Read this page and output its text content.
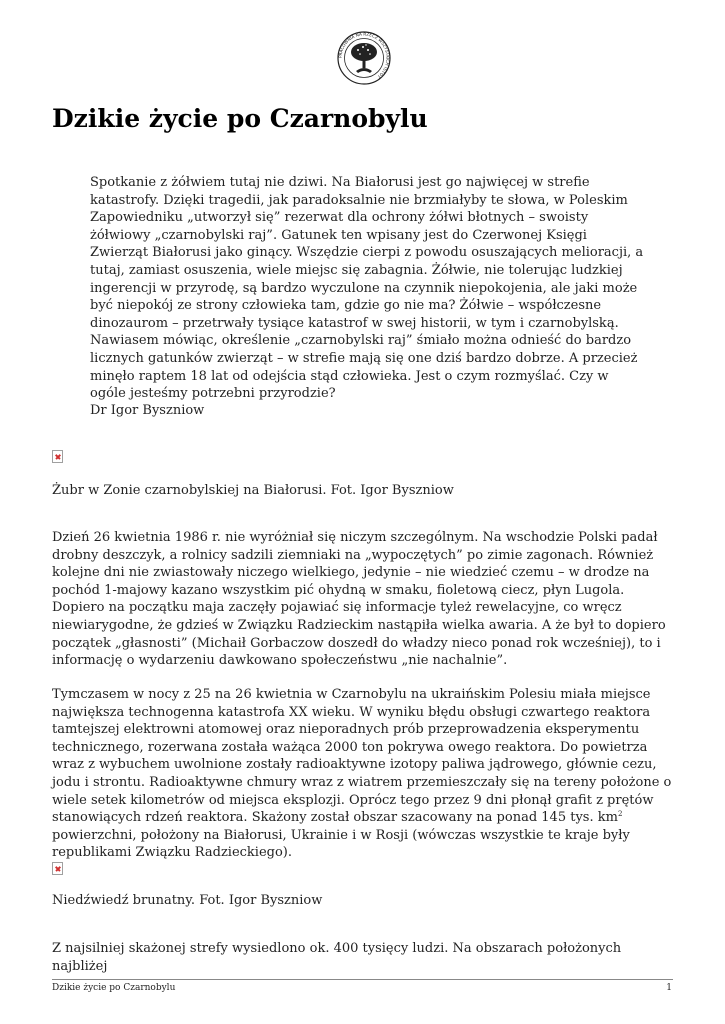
PRACOWNIA NA RZECZ WSZYSTKICH ISTOT
Dzikie życie po Czarnobylu

Spotkanie z żółwiem tutaj nie dziwi. Na Białorusi jest go najwięcej w strefie katastrofy. Dzięki tragedii, jak paradoksalnie nie brzmiałyby te słowa, w Poleskim Zapowiedniku „utworzył się” rezerwat dla ochrony żółwi błotnych – swoisty żółwiowy „czarnobylski raj”. Gatunek ten wpisany jest do Czerwonej Księgi Zwierząt Białorusi jako ginący. Wszędzie cierpi z powodu osuszających melioracji, a tutaj, zamiast osuszenia, wiele miejsc się zabagnia. Żółwie, nie tolerując ludzkiej ingerencji w przyrodę, są bardzo wyczulone na czynnik niepokojenia, ale jaki może być niepokój ze strony człowieka tam, gdzie go nie ma? Żółwie – współczesne dinozaurom – przetrwały tysiące katastrof w swej historii, w tym i czarnobylską. Nawiasem mówiąc, określenie „czarnobylski raj” śmiało można odnieść do bardzo licznych gatunków zwierząt – w strefie mają się one dziś bardzo dobrze. A przecież minęło raptem 18 lat od odejścia stąd człowieka. Jest o czym rozmyślać. Czy w ogóle jesteśmy potrzebni przyrodzie?

Dr Igor Byszniow

Żubr w Zonie czarnobylskiej na Białorusi. Fot. Igor Byszniow

Dzień 26 kwietnia 1986 r. nie wyróżniał się niczym szczególnym. Na wschodzie Polski padał drobny deszczyk, a rolnicy sadzili ziemniaki na „wypoczętych” po zimie zagonach. Również kolejne dni nie zwiastowały niczego wielkiego, jedynie – nie wiedzieć czemu – w drodze na pochód 1-majowy kazano wszystkim pić ohydną w smaku, fioletową ciecz, płyn Lugola. Dopiero na początku maja zaczęły pojawiać się informacje tyleż rewelacyjne, co wręcz niewiarygodne, że gdzieś w Związku Radzieckim nastąpiła wielka awaria. A że był to dopiero początek „głasnosti” (Michaił Gorbaczow doszedł do władzy nieco ponad rok wcześniej), to i informację o wydarzeniu dawkowano społeczeństwu „nie nachalnie”.

Tymczasem w nocy z 25 na 26 kwietnia w Czarnobylu na ukraińskim Polesiu miała miejsce największa technogenna katastrofa XX wieku. W wyniku błędu obsługi czwartego reaktora tamtejszej elektrowni atomowej oraz nieporadnych prób przeprowadzenia eksperymentu technicznego, rozerwana została ważąca 2000 ton pokrywa owego reaktora. Do powietrza wraz z wybuchem uwolnione zostały radioaktywne izotopy paliwa jądrowego, głównie cezu, jodu i strontu. Radioaktywne chmury wraz z wiatrem przemieszczały się na tereny położone o wiele setek kilometrów od miejsca eksplozji. Oprócz tego przez 9 dni płonął grafit z prętów stanowiących rdzeń reaktora. Skażony został obszar szacowany na ponad 145 tys. $km^2$ powierzchni, położony na Białorusi, Ukrainie i w Rosji (wówczas wszystkie te kraje były republikami Związku Radzieckiego).

Niedźwiedź brunatny. Fot. Igor Byszniow

Z najsilniej skażonej strefy wysiedlono ok. 400 tysięcy ludzi. Na obszarach położonych najbliżej

Dzikie życie po Czarnobylu	1
